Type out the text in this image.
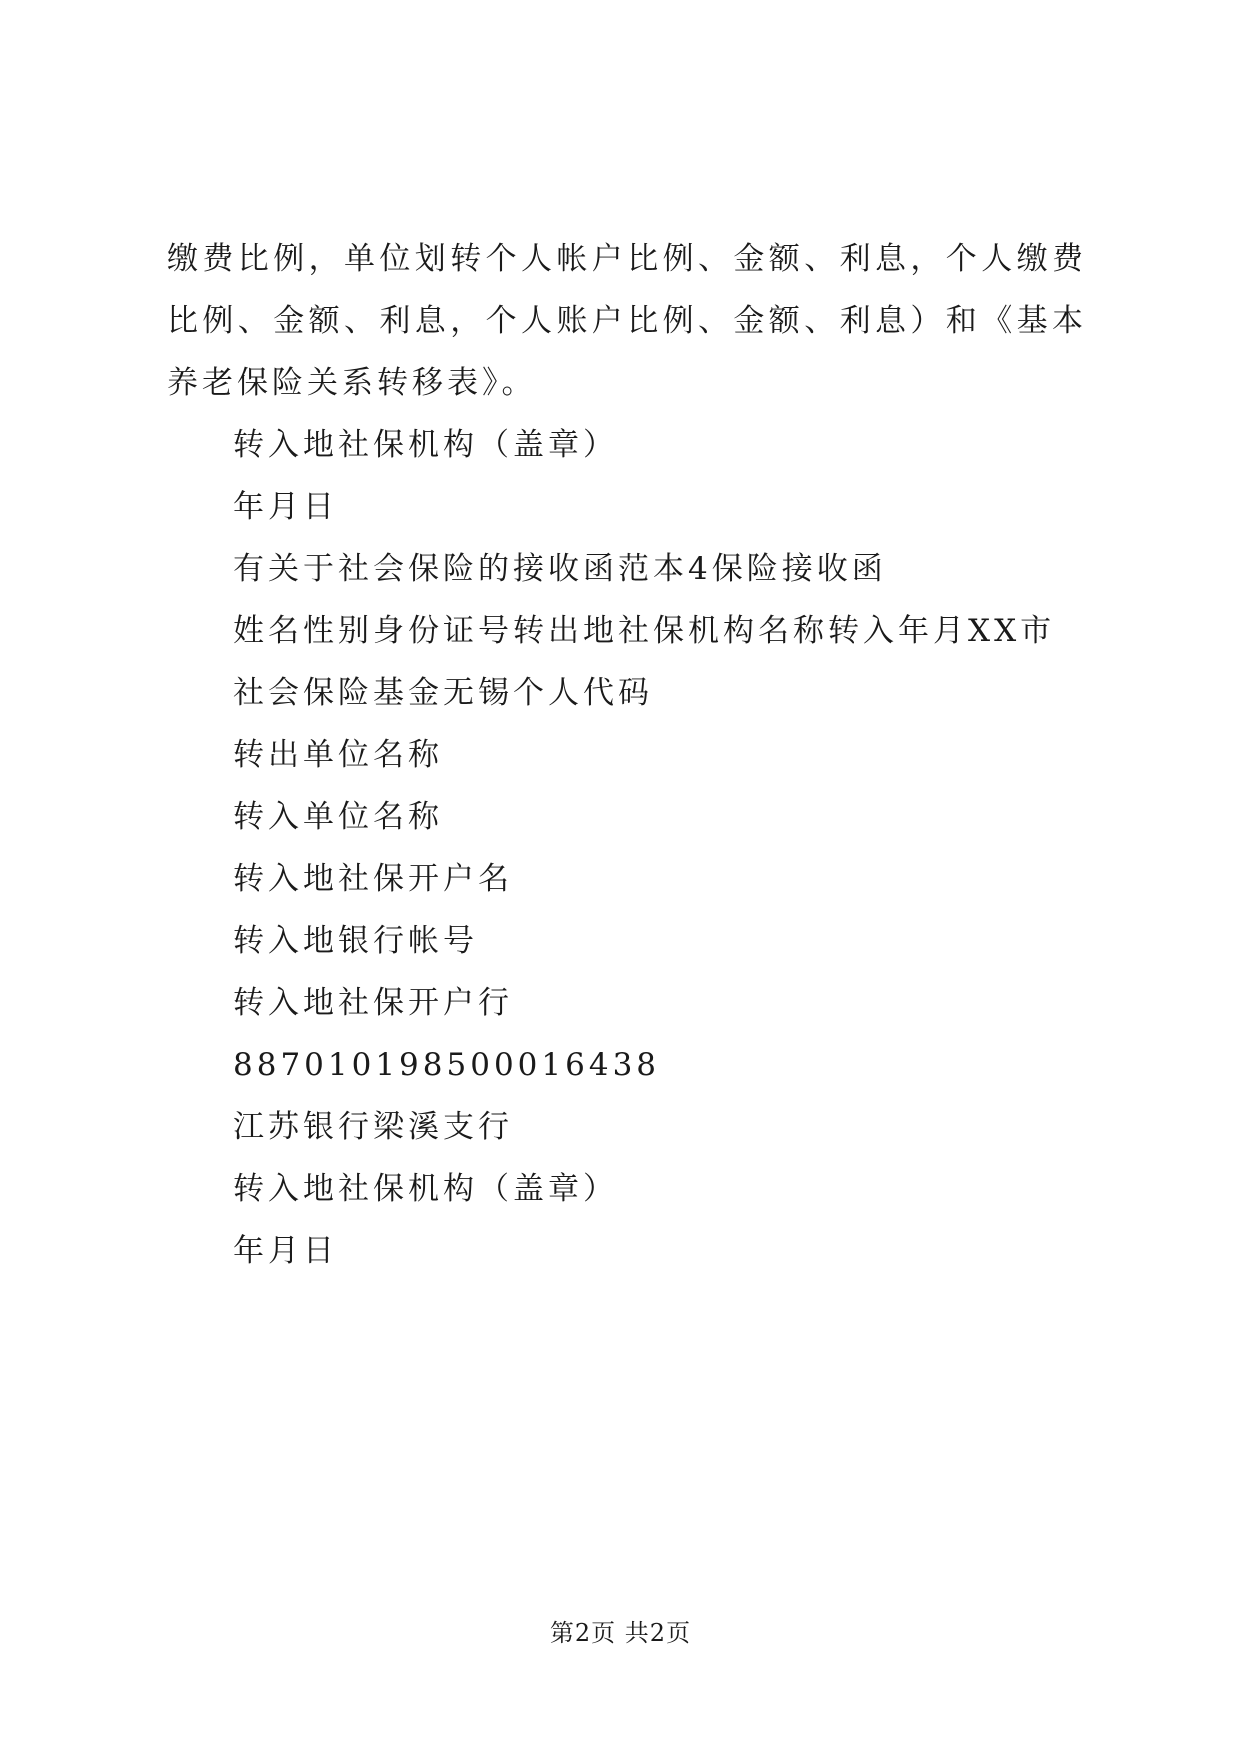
缴费比例，单位划转个人帐户比例、金额、利息，个人缴费比例、金额、利息，个人账户比例、金额、利息）和《基本养老保险关系转移表》。

转入地社保机构（盖章）

年月日

有关于社会保险的接收函范本4保险接收函

姓名性别身份证号转出地社保机构名称转入年月XX市社会保险基金无锡个人代码

转出单位名称

转入单位名称

转入地社保开户名

转入地银行帐号

转入地社保开户行

887010198500016438

江苏银行梁溪支行

转入地社保机构（盖章）

年月日

第2页 共2页
